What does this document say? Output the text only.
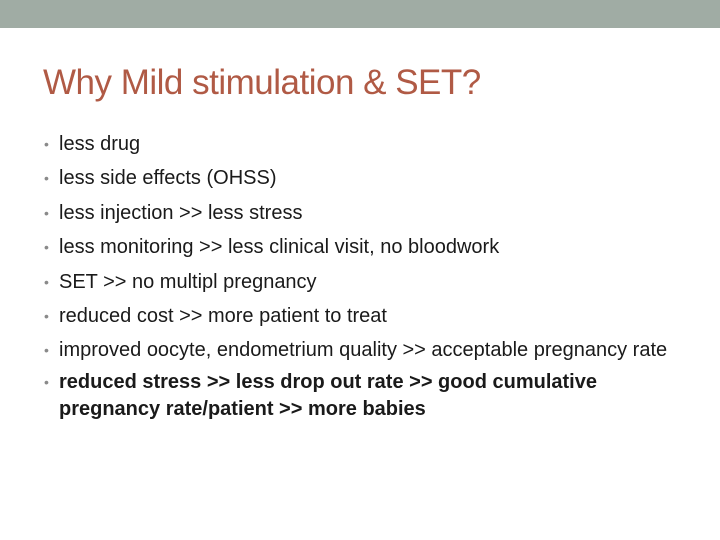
Why Mild stimulation & SET?
• less drug
• less side effects (OHSS)
• less injection >> less stress
• less monitoring >> less clinical visit, no bloodwork
• SET >> no multipl pregnancy
• reduced cost >> more patient to treat
• improved oocyte, endometrium quality >> acceptable pregnancy rate
• reduced stress >> less drop out rate >> good cumulative pregnancy rate/patient >> more babies
